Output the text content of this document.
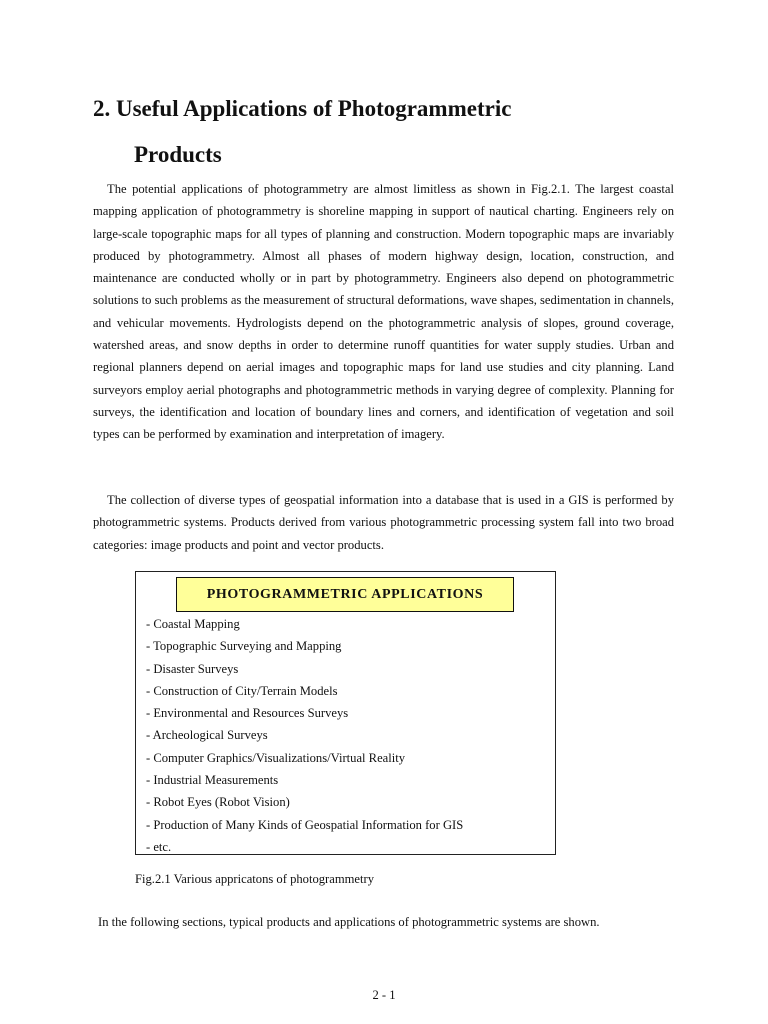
2. Useful Applications of Photogrammetric
Products

The potential applications of photogrammetry are almost limitless as shown in Fig.2.1. The largest coastal mapping application of photogrammetry is shoreline mapping in support of nautical charting. Engineers rely on large-scale topographic maps for all types of planning and construction. Modern topographic maps are invariably produced by photogrammetry. Almost all phases of modern highway design, location, construction, and maintenance are conducted wholly or in part by photogrammetry. Engineers also depend on photogrammetric solutions to such problems as the measurement of structural deformations, wave shapes, sedimentation in channels, and vehicular movements. Hydrologists depend on the photogrammetric analysis of slopes, ground coverage, watershed areas, and snow depths in order to determine runoff quantities for water supply studies. Urban and regional planners depend on aerial images and topographic maps for land use studies and city planning. Land surveyors employ aerial photographs and photogrammetric methods in varying degree of complexity. Planning for surveys, the identification and location of boundary lines and corners, and identification of vegetation and soil types can be performed by examination and interpretation of imagery.

The collection of diverse types of geospatial information into a database that is used in a GIS is performed by photogrammetric systems. Products derived from various photogrammetric processing system fall into two broad categories: image products and point and vector products.

PHOTOGRAMMETRIC APPLICATIONS
- Coastal Mapping
- Topographic Surveying and Mapping
- Disaster Surveys
- Construction of City/Terrain Models
- Environmental and Resources Surveys
- Archeological Surveys
- Computer Graphics/Visualizations/Virtual Reality
- Industrial Measurements
- Robot Eyes (Robot Vision)
- Production of Many Kinds of Geospatial Information for GIS
- etc.

Fig.2.1 Various appricatons of photogrammetry

In the following sections, typical products and applications of photogrammetric systems are shown.

2 - 1
